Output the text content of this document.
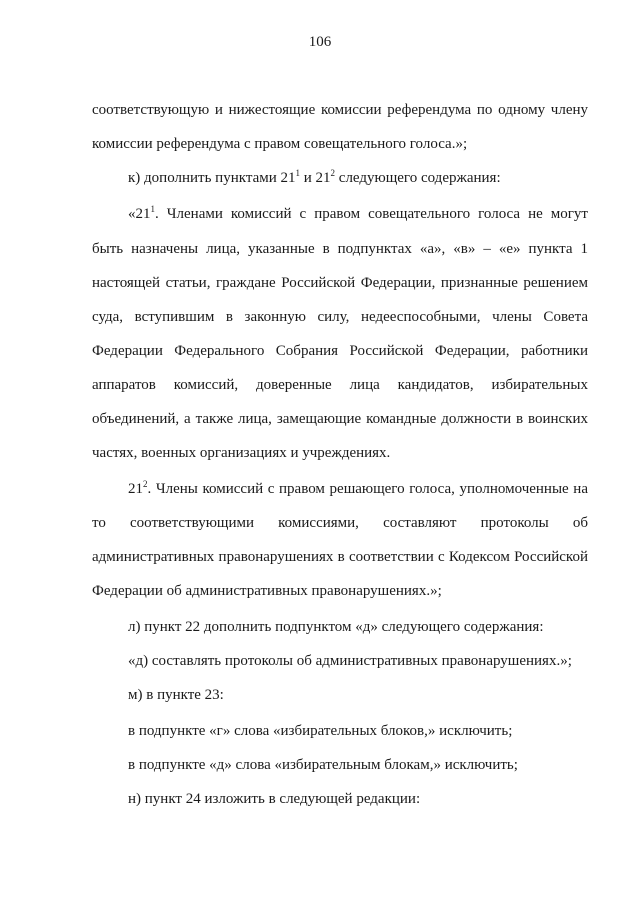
106
соответствующую и нижестоящие комиссии референдума по одному члену
комиссии референдума с правом совещательного голоса.»;
к) дополнить пунктами $21^1$ и $21^2$ следующего содержания:
«$21^1$. Членами комиссий с правом совещательного голоса не могут
быть назначены лица, указанные в подпунктах «а», «в» – «е» пункта 1
настоящей статьи, граждане Российской Федерации, признанные решением
суда, вступившим в законную силу, недееспособными, члены Совета
Федерации Федерального Собрания Российской Федерации, работники
аппаратов комиссий, доверенные лица кандидатов, избирательных
объединений, а также лица, замещающие командные должности в воинских
частях, военных организациях и учреждениях.
$21^2$. Члены комиссий с правом решающего голоса, уполномоченные на
то соответствующими комиссиями, составляют протоколы об
административных правонарушениях в соответствии с Кодексом Российской
Федерации об административных правонарушениях.»;
л) пункт 22 дополнить подпунктом «д» следующего содержания:
«д) составлять протоколы об административных правонарушениях.»;
м) в пункте 23:
в подпункте «г» слова «избирательных блоков,» исключить;
в подпункте «д» слова «избирательным блокам,» исключить;
н) пункт 24 изложить в следующей редакции:
